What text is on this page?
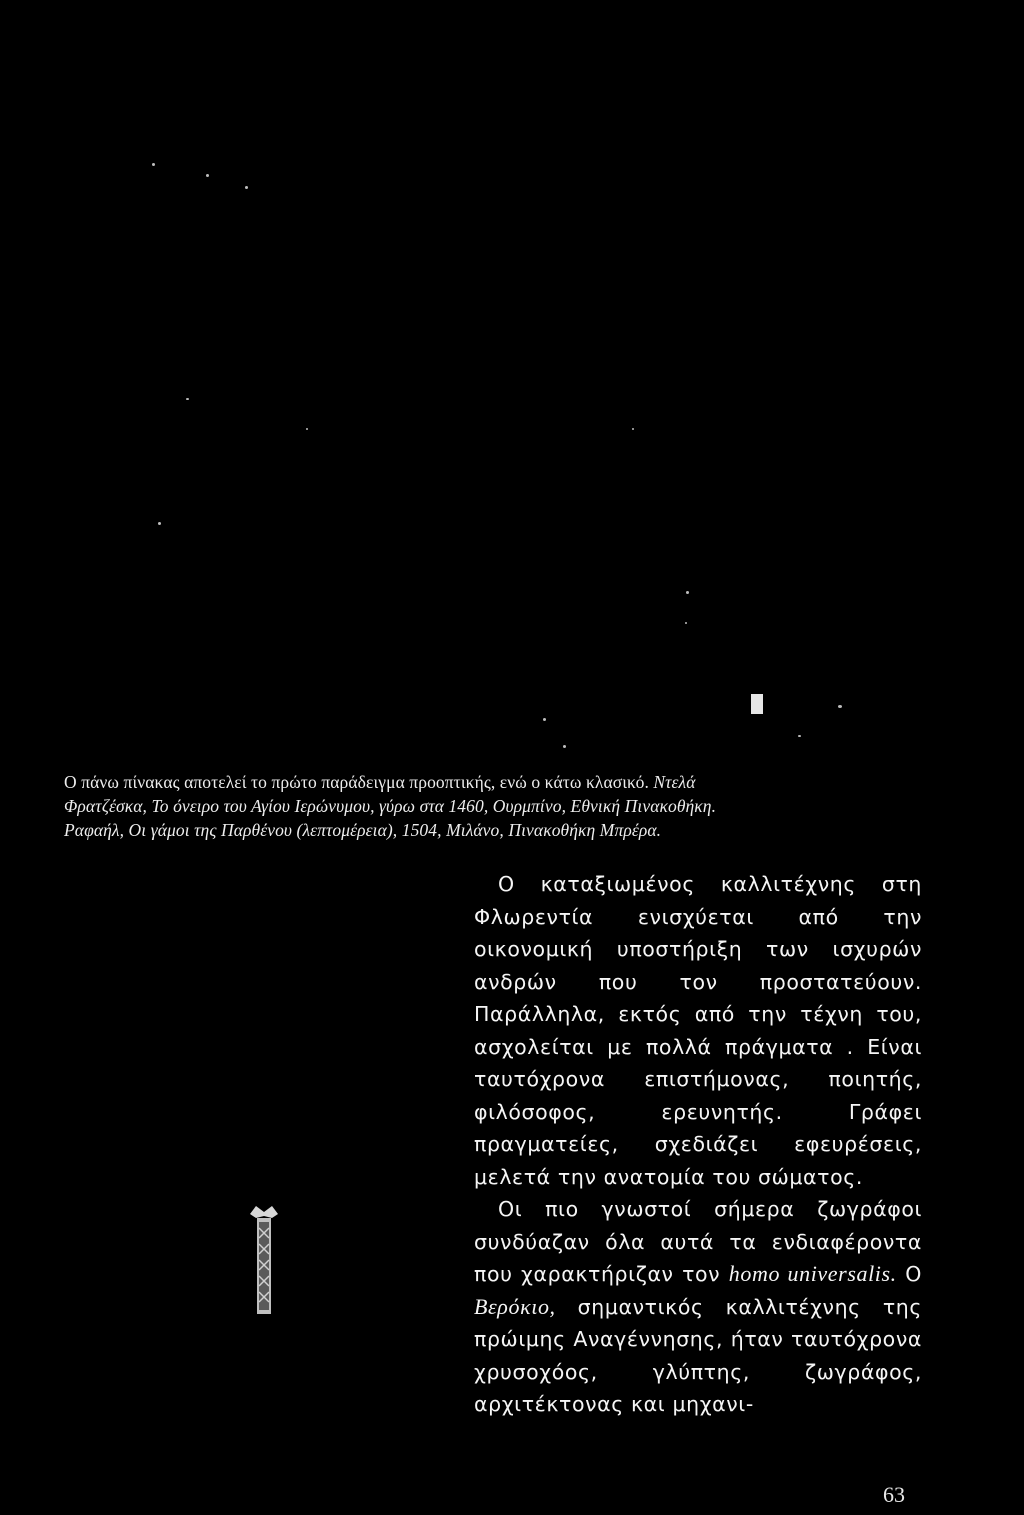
Ο πάνω πίνακας αποτελεί το πρώτο παράδειγμα προοπτικής, ενώ ο κάτω κλασικό. Ντελά
Φρατζέσκα, Το όνειρο του Αγίου Ιερώνυμου, γύρω στα 1460, Ουρμπίνο, Εθνική Πινακοθήκη.
Ραφαήλ, Οι γάμοι της Παρθένου (λεπτομέρεια), 1504, Μιλάνο, Πινακοθήκη Μπρέρα.

Ο καταξιωμένος καλλιτέχνης στη Φλωρεντία ενισχύεται από την οικονομική υποστήριξη των ισχυρών ανδρών που τον προστατεύουν. Παράλληλα, εκτός από την τέχνη του, ασχολείται με πολλά πράγματα . Είναι ταυτόχρονα επιστήμονας, ποιητής, φιλόσοφος, ερευνητής. Γράφει πραγματείες, σχεδιάζει εφευρέσεις, μελετά την ανατομία του σώματος.

Οι πιο γνωστοί σήμερα ζωγράφοι συνδύαζαν όλα αυτά τα ενδιαφέροντα που χαρακτήριζαν τον homo universalis. Ο Βερόκιο, σημαντικός καλλιτέχνης της πρώιμης Αναγέννησης, ήταν ταυτόχρονα χρυσοχόος, γλύπτης, ζωγράφος, αρχιτέκτονας και μηχανι-

63
